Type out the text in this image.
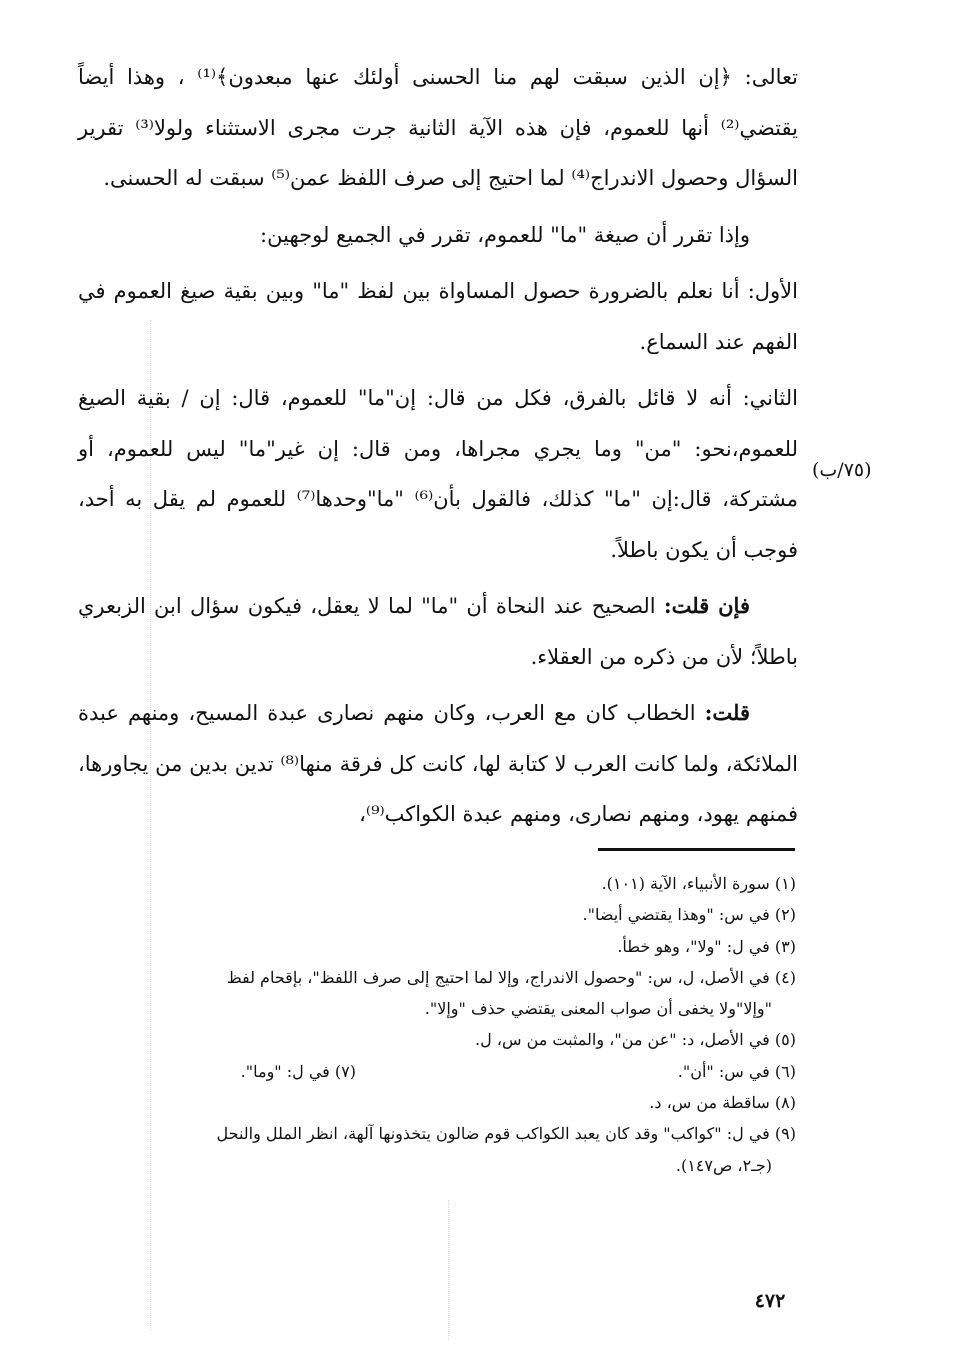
تعالى: ﴿إن الذين سبقت لهم منا الحسنى أولئك عنها مبعدون﴾⁽¹⁾ ، وهذا أيضاً يقتضي⁽²⁾ أنها للعموم، فإن هذه الآية الثانية جرت مجرى الاستثناء ولولا⁽³⁾ تقرير السؤال وحصول الاندراج⁽⁴⁾ لما احتيج إلى صرف اللفظ عمن⁽⁵⁾ سبقت له الحسنى.

وإذا تقرر أن صيغة "ما" للعموم، تقرر في الجميع لوجهين:

الأول: أنا نعلم بالضرورة حصول المساواة بين لفظ "ما" وبين بقية صيغ العموم في الفهم عند السماع.

الثاني: أنه لا قائل بالفرق، فكل من قال: إن"ما" للعموم، قال: إن / بقية الصيغ للعموم،نحو: "من" وما يجري مجراها، ومن قال: إن غير"ما" ليس للعموم، أو مشتركة، قال:إن "ما" كذلك، فالقول بأن⁽⁶⁾ "ما"وحدها⁽⁷⁾ للعموم لم يقل به أحد، فوجب أن يكون باطلاً.

فإن قلت: الصحيح عند النحاة أن "ما" لما لا يعقل، فيكون سؤال ابن الزبعري باطلاً؛ لأن من ذكره من العقلاء.

قلت: الخطاب كان مع العرب، وكان منهم نصارى عبدة المسيح، ومنهم عبدة الملائكة، ولما كانت العرب لا كتابة لها، كانت كل فرقة منها⁽⁸⁾ تدين بدين من يجاورها، فمنهم يهود، ومنهم نصارى، ومنهم عبدة الكواكب⁽⁹⁾،

(٧٥/ب)

(١) سورة الأنبياء، الآية (١٠١).

(٢) في س: "وهذا يقتضي أيضا".

(٣) في ل: "ولا"، وهو خطأ.

(٤) في الأصل، ل، س: "وحصول الاندراج، وإلا لما احتيج إلى صرف اللفظ"، بإقحام لفظ

"وإلا"ولا يخفى أن صواب المعنى يقتضي حذف "وإلا".

(٥) في الأصل، د: "عن من"، والمثبت من س، ل.

(٦) في س: "أن".
(٧) في ل: "وما".

(٨) ساقطة من س، د.

(٩) في ل: "كواكب" وقد كان يعبد الكواكب قوم ضالون يتخذونها آلهة، انظر الملل والنحل

(جـ٢، ص١٤٧).

٤٧٢
